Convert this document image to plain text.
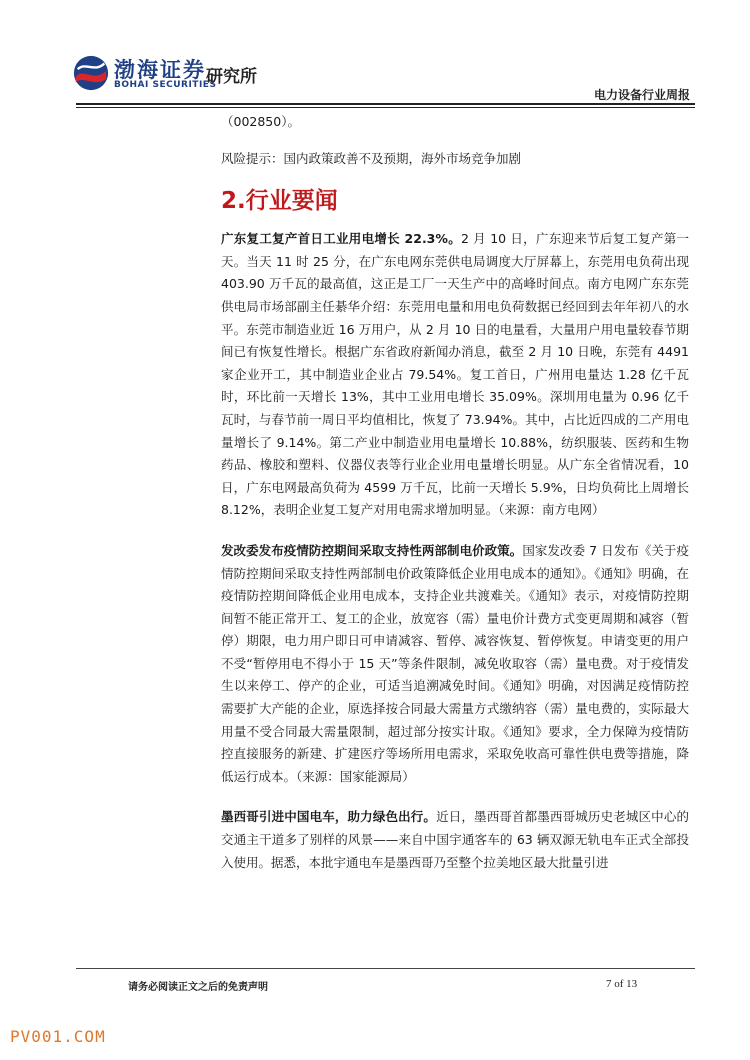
渤海证券
BOHAI SECURITIES
研究所
电力设备行业周报

（002850）。

风险提示：国内政策政善不及预期，海外市场竞争加剧

2.行业要闻

广东复工复产首日工业用电增长 22.3%。2 月 10 日，广东迎来节后复工复产第一天。当天 11 时 25 分，在广东电网东莞供电局调度大厅屏幕上，东莞用电负荷出现 403.90 万千瓦的最高值，这正是工厂一天生产中的高峰时间点。南方电网广东东莞供电局市场部副主任綦华介绍：东莞用电量和用电负荷数据已经回到去年年初八的水平。东莞市制造业近 16 万用户，从 2 月 10 日的电量看，大量用户用电量较春节期间已有恢复性增长。根据广东省政府新闻办消息，截至 2 月 10 日晚，东莞有 4491 家企业开工，其中制造业企业占 79.54%。复工首日，广州用电量达 1.28 亿千瓦时，环比前一天增长 13%，其中工业用电增长 35.09%。深圳用电量为 0.96 亿千瓦时，与春节前一周日平均值相比，恢复了 73.94%。其中，占比近四成的二产用电量增长了 9.14%。第二产业中制造业用电量增长 10.88%，纺织服装、医药和生物药品、橡胶和塑料、仪器仪表等行业企业用电量增长明显。从广东全省情况看，10 日，广东电网最高负荷为 4599 万千瓦，比前一天增长 5.9%，日均负荷比上周增长 8.12%，表明企业复工复产对用电需求增加明显。（来源：南方电网）

发改委发布疫情防控期间采取支持性两部制电价政策。国家发改委 7 日发布《关于疫情防控期间采取支持性两部制电价政策降低企业用电成本的通知》。《通知》明确，在疫情防控期间降低企业用电成本，支持企业共渡难关。《通知》表示，对疫情防控期间暂不能正常开工、复工的企业，放宽容（需）量电价计费方式变更周期和减容（暂停）期限，电力用户即日可申请减容、暂停、减容恢复、暂停恢复。申请变更的用户不受“暂停用电不得小于 15 天”等条件限制，减免收取容（需）量电费。对于疫情发生以来停工、停产的企业，可适当追溯减免时间。《通知》明确，对因满足疫情防控需要扩大产能的企业，原选择按合同最大需量方式缴纳容（需）量电费的，实际最大用量不受合同最大需量限制，超过部分按实计取。《通知》要求，全力保障为疫情防控直接服务的新建、扩建医疗等场所用电需求，采取免收高可靠性供电费等措施，降低运行成本。（来源：国家能源局）

墨西哥引进中国电车，助力绿色出行。近日，墨西哥首都墨西哥城历史老城区中心的交通主干道多了别样的风景——来自中国宇通客车的 63 辆双源无轨电车正式全部投入使用。据悉，本批宇通电车是墨西哥乃至整个拉美地区最大批量引进

请务必阅读正文之后的免责声明	7 of 13
PV001.COM
